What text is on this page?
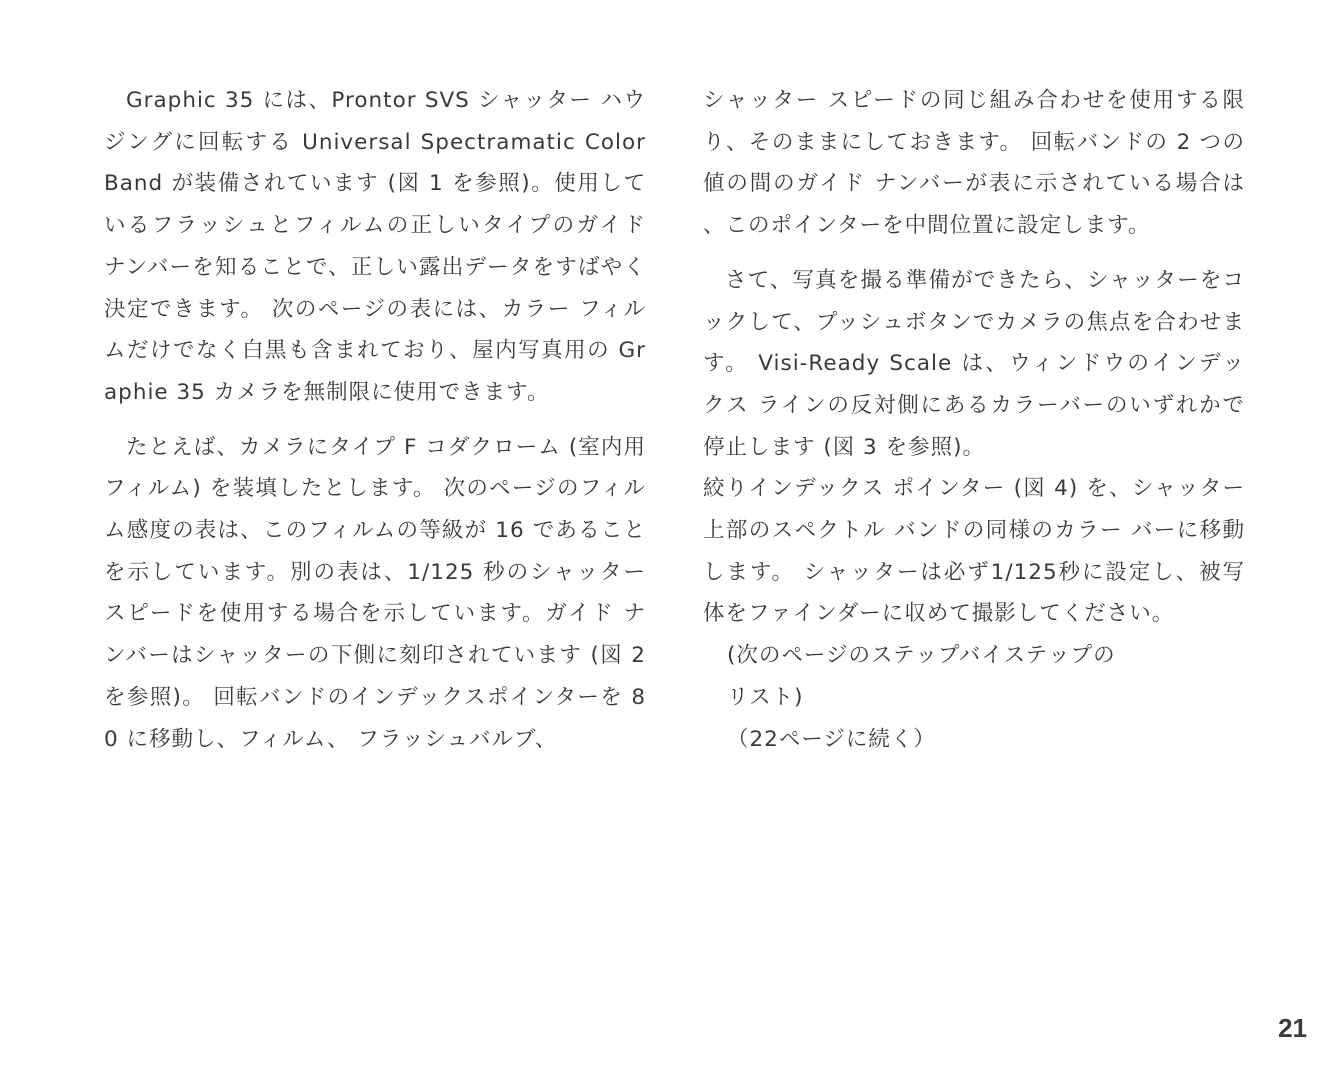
Graphic 35 には、Prontor SVS シャッター ハウジングに回転する Universal Spectramatic Color Band が装備されています (図 1 を参照)。使用しているフラッシュとフィルムの正しいタイプのガイド ナンバーを知ることで、正しい露出データをすばやく決定できます。 次のページの表には、カラー フィルムだけでなく白黒も含まれており、屋内写真用の Graphie 35 カメラを無制限に使用できます。

たとえば、カメラにタイプ F コダクローム (室内用フィルム) を装填したとします。 次のページのフィルム感度の表は、このフィルムの等級が 16 であることを示しています。別の表は、1/125 秒のシャッター スピードを使用する場合を示しています。ガイド ナンバーはシャッターの下側に刻印されています (図 2 を参照)。 回転バンドのインデックスポインターを 80 に移動し、フィルム、 フラッシュバルブ、

シャッター スピードの同じ組み合わせを使用する限り、そのままにしておきます。 回転バンドの 2 つの値の間のガイド ナンバーが表に示されている場合は、このポインターを中間位置に設定します。

さて、写真を撮る準備ができたら、シャッターをコックして、プッシュボタンでカメラの焦点を合わせます。 Visi-Ready Scale は、ウィンドウのインデックス ラインの反対側にあるカラーバーのいずれかで停止します (図 3 を参照)。

絞りインデックス ポインター (図 4) を、シャッター上部のスペクトル バンドの同様のカラー バーに移動します。 シャッターは必ず1/125秒に設定し、被写体をファインダーに収めて撮影してください。

(次のページのステップバイステップの

リスト)

（22ページに続く）

21
